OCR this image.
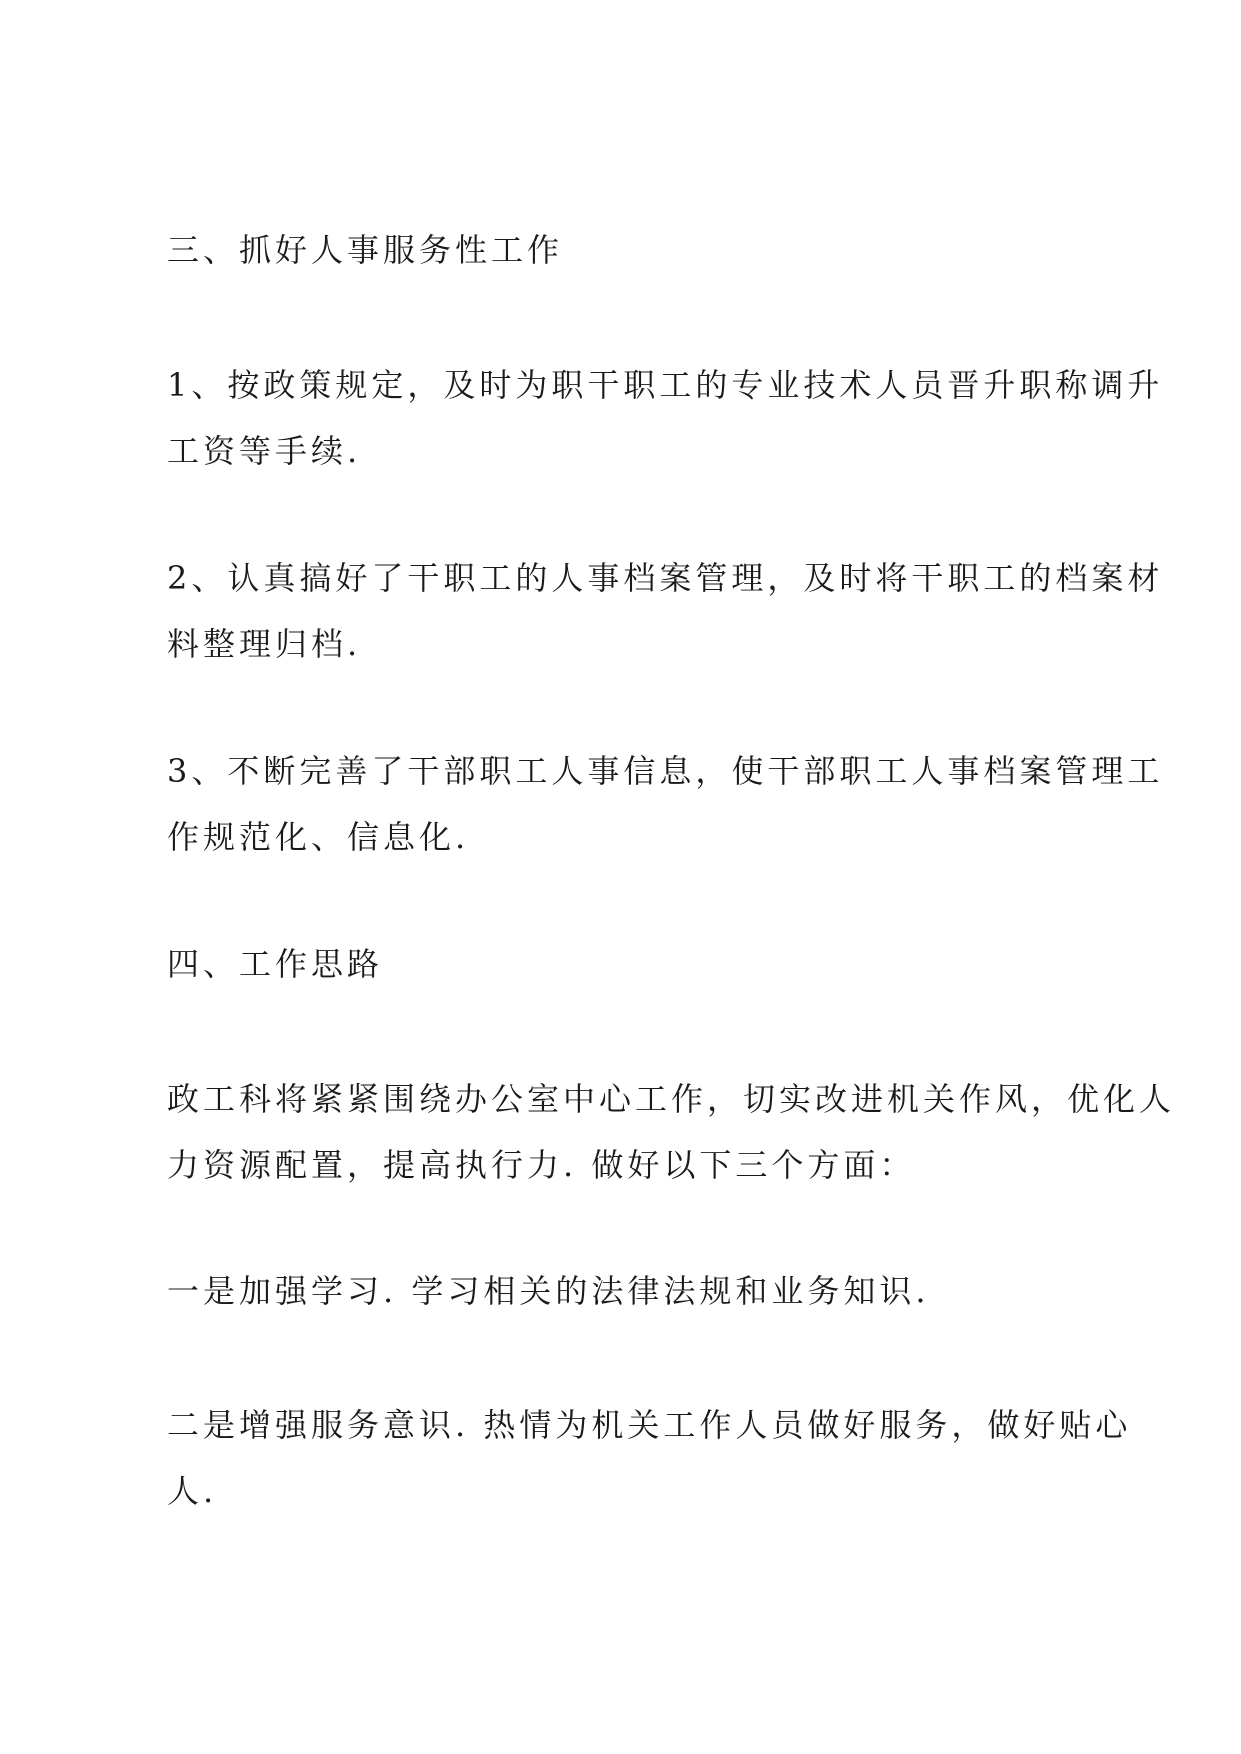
三、抓好人事服务性工作
1、按政策规定，及时为职干职工的专业技术人员晋升职称调升
工资等手续.
2、认真搞好了干职工的人事档案管理，及时将干职工的档案材
料整理归档.
3、不断完善了干部职工人事信息，使干部职工人事档案管理工
作规范化、信息化.
四、工作思路
政工科将紧紧围绕办公室中心工作，切实改进机关作风，优化人
力资源配置，提高执行力. 做好以下三个方面：
一是加强学习. 学习相关的法律法规和业务知识.
二是增强服务意识. 热情为机关工作人员做好服务，做好贴心
人.
